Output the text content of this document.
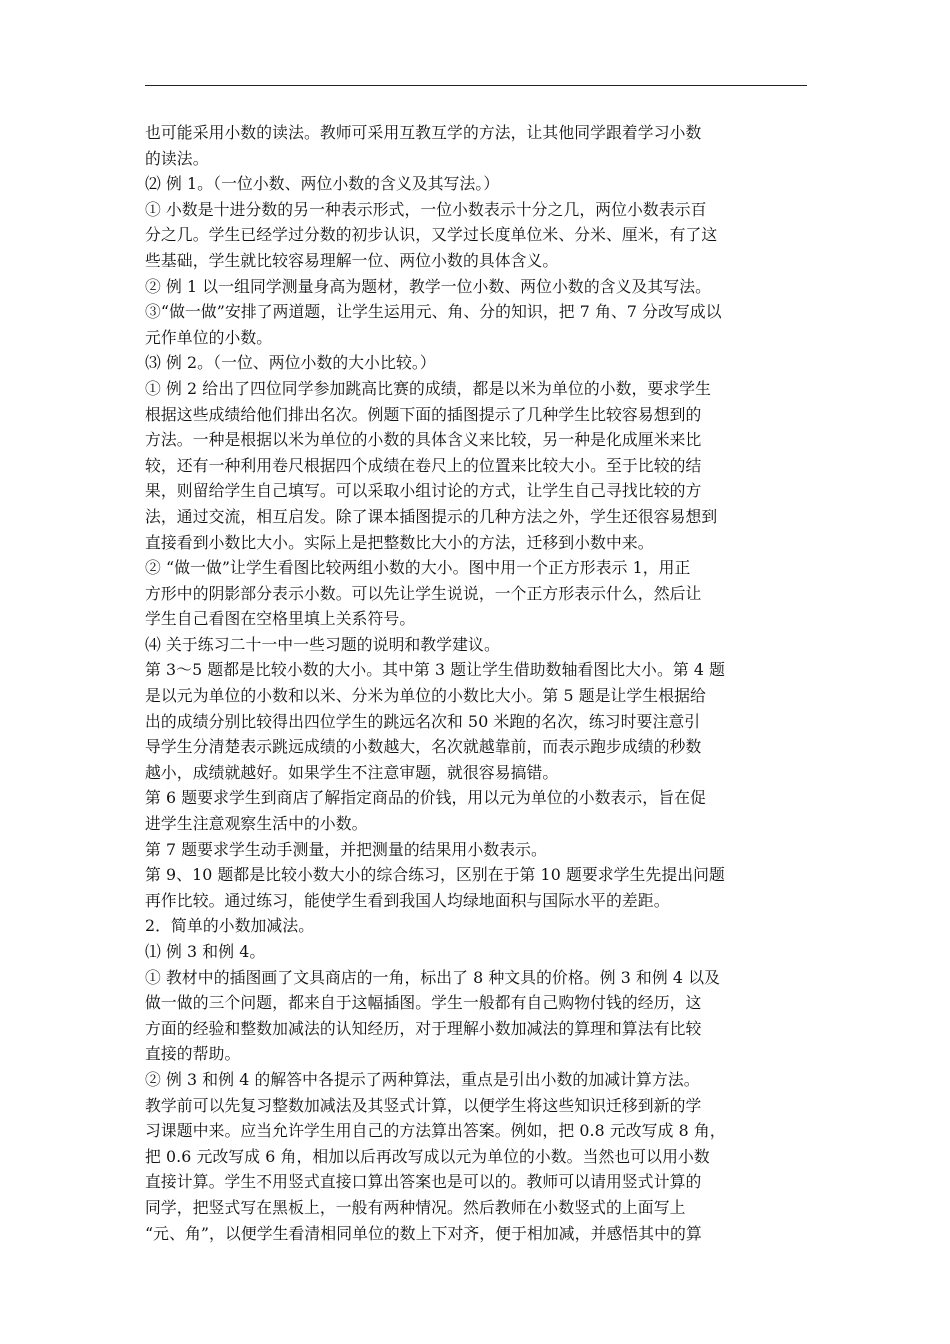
也可能采用小数的读法。教师可采用互教互学的方法，让其他同学跟着学习小数
的读法。
⑵ 例 1。（一位小数、两位小数的含义及其写法。）
① 小数是十进分数的另一种表示形式，一位小数表示十分之几，两位小数表示百
分之几。学生已经学过分数的初步认识，又学过长度单位米、分米、厘米，有了这
些基础，学生就比较容易理解一位、两位小数的具体含义。
② 例 1 以一组同学测量身高为题材，教学一位小数、两位小数的含义及其写法。
③“做一做”安排了两道题，让学生运用元、角、分的知识，把 7 角、7 分改写成以
元作单位的小数。
⑶ 例 2。（一位、两位小数的大小比较。）
① 例 2 给出了四位同学参加跳高比赛的成绩，都是以米为单位的小数，要求学生
根据这些成绩给他们排出名次。例题下面的插图提示了几种学生比较容易想到的
方法。一种是根据以米为单位的小数的具体含义来比较，另一种是化成厘米来比
较，还有一种利用卷尺根据四个成绩在卷尺上的位置来比较大小。至于比较的结
果，则留给学生自己填写。可以采取小组讨论的方式，让学生自己寻找比较的方
法，通过交流，相互启发。除了课本插图提示的几种方法之外，学生还很容易想到
直接看到小数比大小。实际上是把整数比大小的方法，迁移到小数中来。
② “做一做”让学生看图比较两组小数的大小。图中用一个正方形表示 1，用正
方形中的阴影部分表示小数。可以先让学生说说，一个正方形表示什么，然后让
学生自己看图在空格里填上关系符号。
⑷ 关于练习二十一中一些习题的说明和教学建议。
第 3～5 题都是比较小数的大小。其中第 3 题让学生借助数轴看图比大小。第 4 题
是以元为单位的小数和以米、分米为单位的小数比大小。第 5 题是让学生根据给
出的成绩分别比较得出四位学生的跳远名次和 50 米跑的名次，练习时要注意引
导学生分清楚表示跳远成绩的小数越大，名次就越靠前，而表示跑步成绩的秒数
越小，成绩就越好。如果学生不注意审题，就很容易搞错。
第 6 题要求学生到商店了解指定商品的价钱，用以元为单位的小数表示，旨在促
进学生注意观察生活中的小数。
第 7 题要求学生动手测量，并把测量的结果用小数表示。
第 9、10 题都是比较小数大小的综合练习，区别在于第 10 题要求学生先提出问题
再作比较。通过练习，能使学生看到我国人均绿地面积与国际水平的差距。
2．简单的小数加减法。
⑴ 例 3 和例 4。
① 教材中的插图画了文具商店的一角，标出了 8 种文具的价格。例 3 和例 4 以及
做一做的三个问题，都来自于这幅插图。学生一般都有自己购物付钱的经历，这
方面的经验和整数加减法的认知经历，对于理解小数加减法的算理和算法有比较
直接的帮助。
② 例 3 和例 4 的解答中各提示了两种算法，重点是引出小数的加减计算方法。
教学前可以先复习整数加减法及其竖式计算，以便学生将这些知识迁移到新的学
习课题中来。应当允许学生用自己的方法算出答案。例如，把 0.8 元改写成 8 角，
把 0.6 元改写成 6 角，相加以后再改写成以元为单位的小数。当然也可以用小数
直接计算。学生不用竖式直接口算出答案也是可以的。教师可以请用竖式计算的
同学，把竖式写在黑板上，一般有两种情况。然后教师在小数竖式的上面写上
“元、角”，以便学生看清相同单位的数上下对齐，便于相加减，并感悟其中的算
